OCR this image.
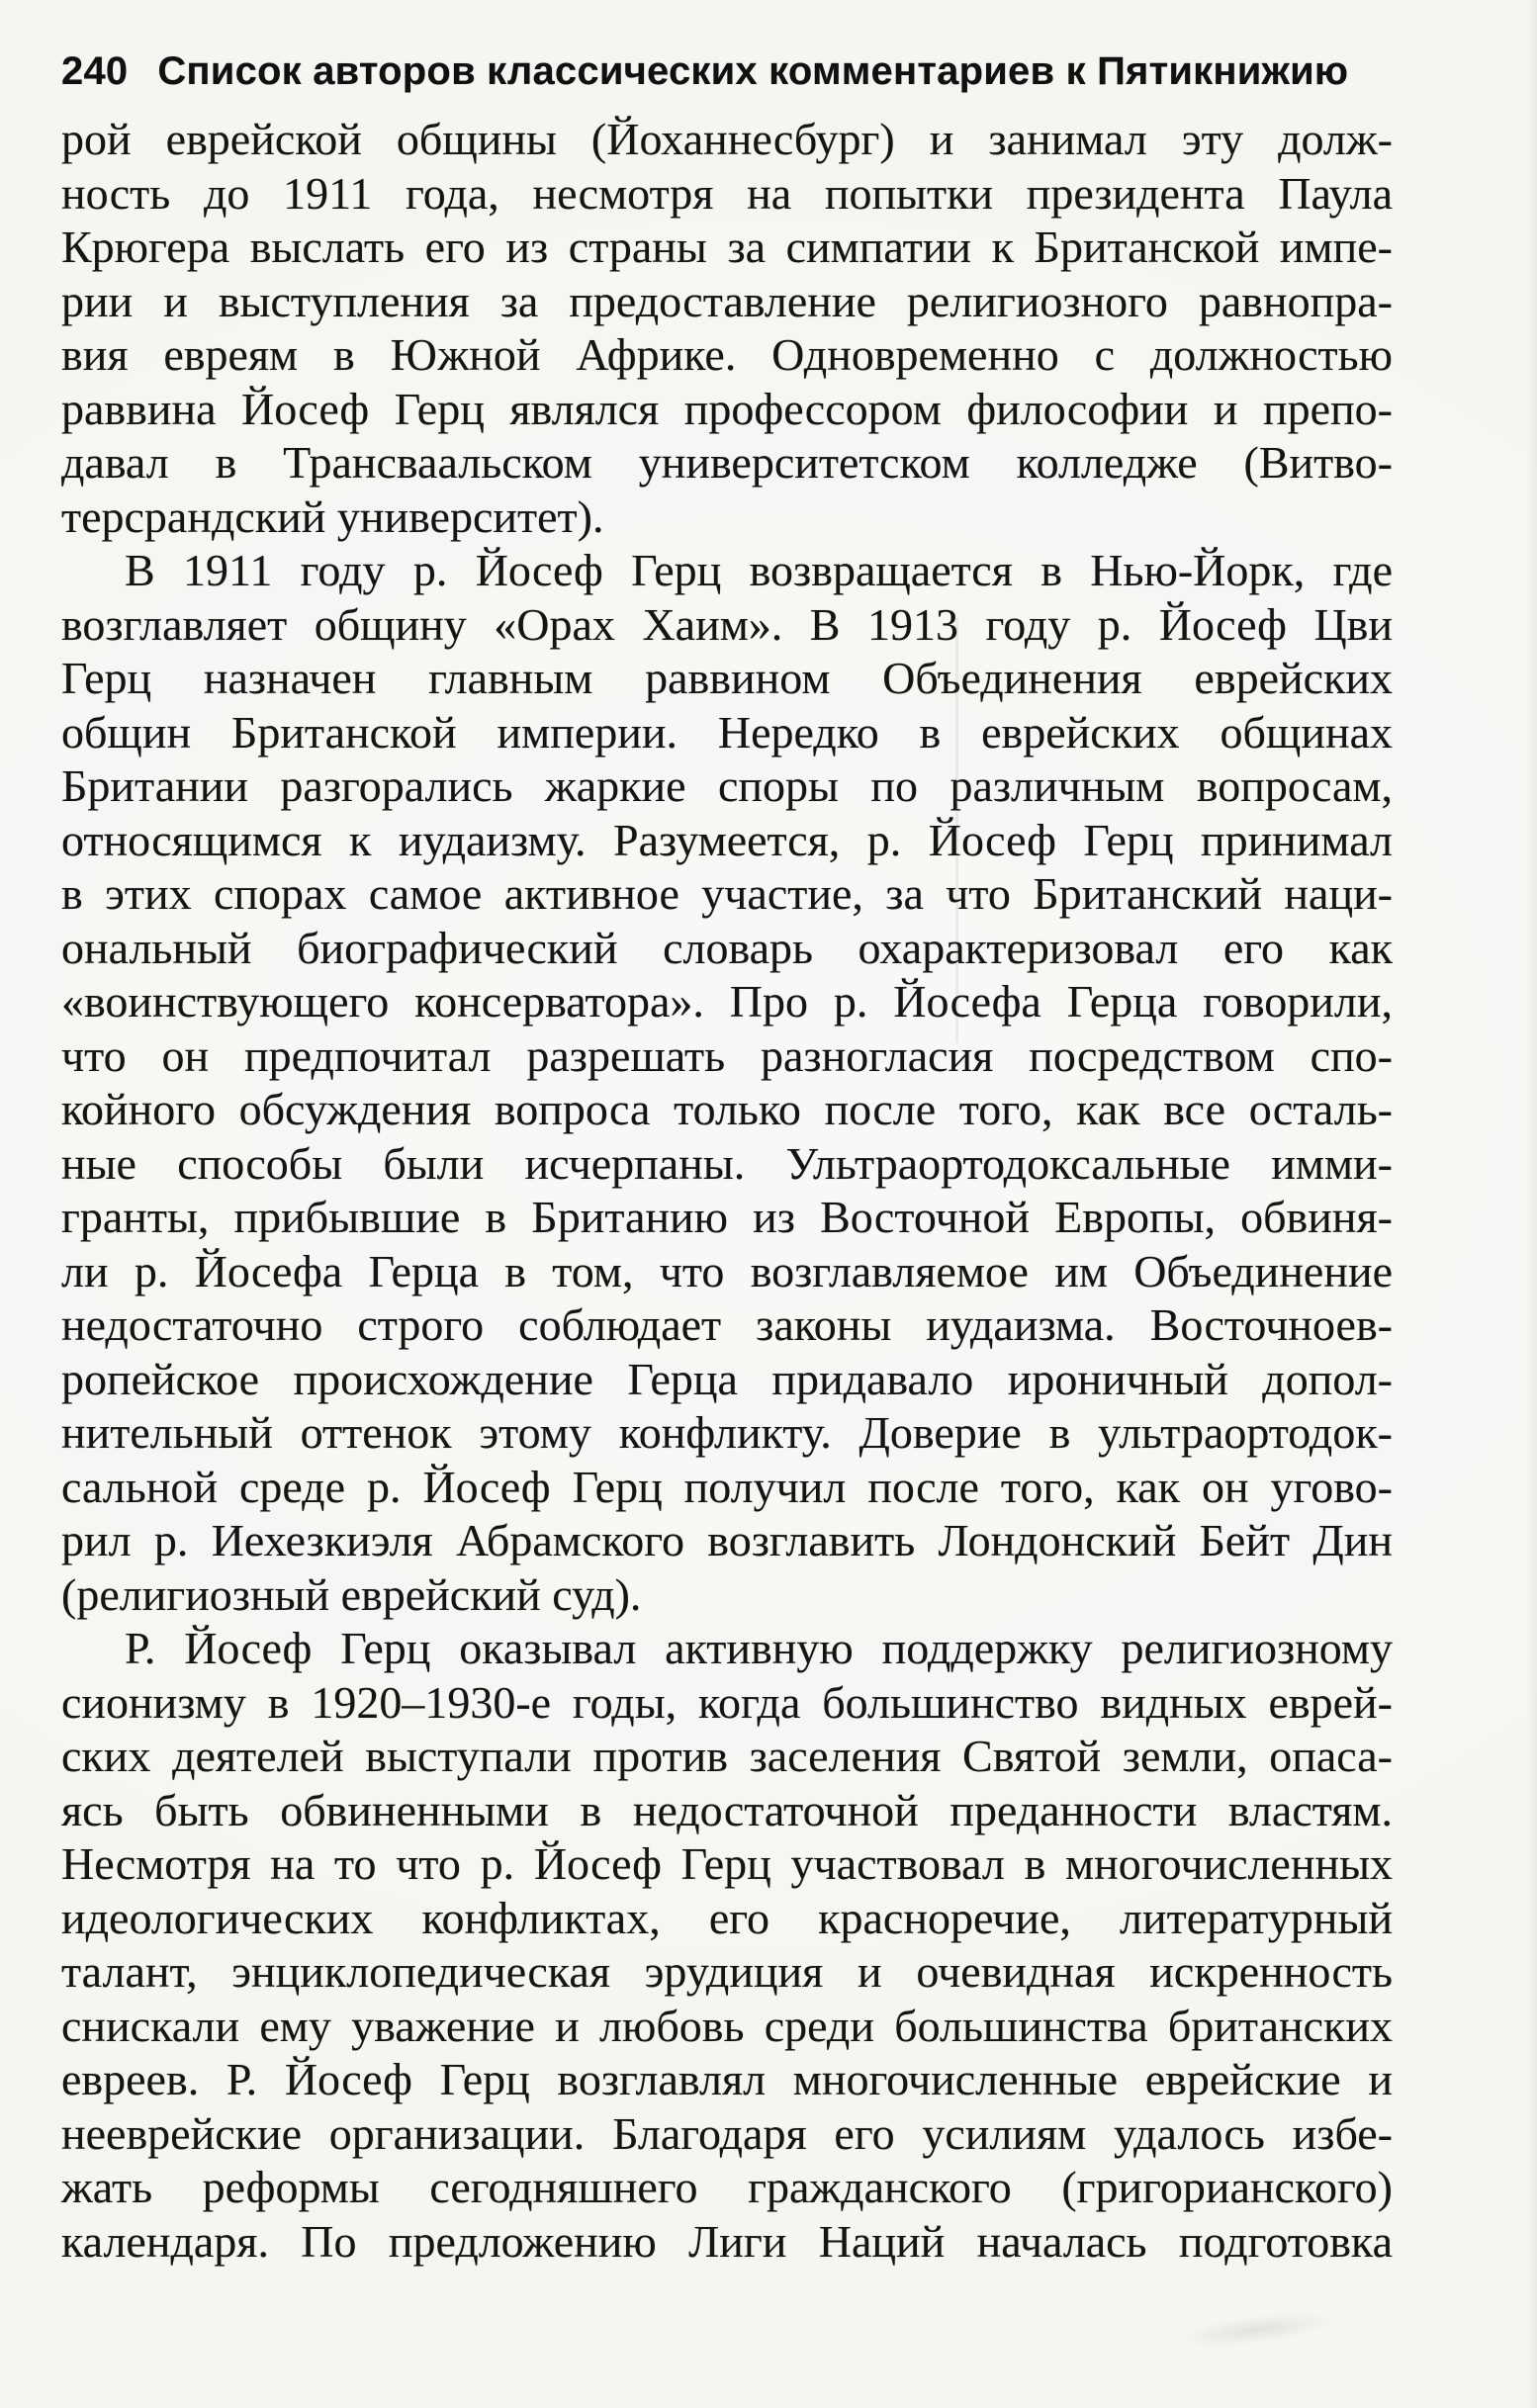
240 Список авторов классических комментариев к Пятикнижию
рой еврейской общины (Йоханнесбург) и занимал эту долж-
ность до 1911 года, несмотря на попытки президента Паула
Крюгера выслать его из страны за симпатии к Британской импе-
рии и выступления за предоставление религиозного равнопра-
вия евреям в Южной Африке. Одновременно с должностью
раввина Йосеф Герц являлся профессором философии и препо-
давал в Трансваальском университетском колледже (Витво-
терсрандский университет).
В 1911 году р. Йосеф Герц возвращается в Нью-Йорк, где
возглавляет общину «Орах Хаим». В 1913 году р. Йосеф Цви
Герц назначен главным раввином Объединения еврейских
общин Британской империи. Нередко в еврейских общинах
Британии разгорались жаркие споры по различным вопросам,
относящимся к иудаизму. Разумеется, р. Йосеф Герц принимал
в этих спорах самое активное участие, за что Британский наци-
ональный биографический словарь охарактеризовал его как
«воинствующего консерватора». Про р. Йосефа Герца говорили,
что он предпочитал разрешать разногласия посредством спо-
койного обсуждения вопроса только после того, как все осталь-
ные способы были исчерпаны. Ультраортодоксальные имми-
гранты, прибывшие в Британию из Восточной Европы, обвиня-
ли р. Йосефа Герца в том, что возглавляемое им Объединение
недостаточно строго соблюдает законы иудаизма. Восточноев-
ропейское происхождение Герца придавало ироничный допол-
нительный оттенок этому конфликту. Доверие в ультраортодок-
сальной среде р. Йосеф Герц получил после того, как он угово-
рил р. Иехезкиэля Абрамского возглавить Лондонский Бейт Дин
(религиозный еврейский суд).
Р. Йосеф Герц оказывал активную поддержку религиозному
сионизму в 1920–1930-е годы, когда большинство видных еврей-
ских деятелей выступали против заселения Святой земли, опаса-
ясь быть обвиненными в недостаточной преданности властям.
Несмотря на то что р. Йосеф Герц участвовал в многочисленных
идеологических конфликтах, его красноречие, литературный
талант, энциклопедическая эрудиция и очевидная искренность
снискали ему уважение и любовь среди большинства британских
евреев. Р. Йосеф Герц возглавлял многочисленные еврейские и
нееврейские организации. Благодаря его усилиям удалось избе-
жать реформы сегодняшнего гражданского (григорианского)
календаря. По предложению Лиги Наций началась подготовка
